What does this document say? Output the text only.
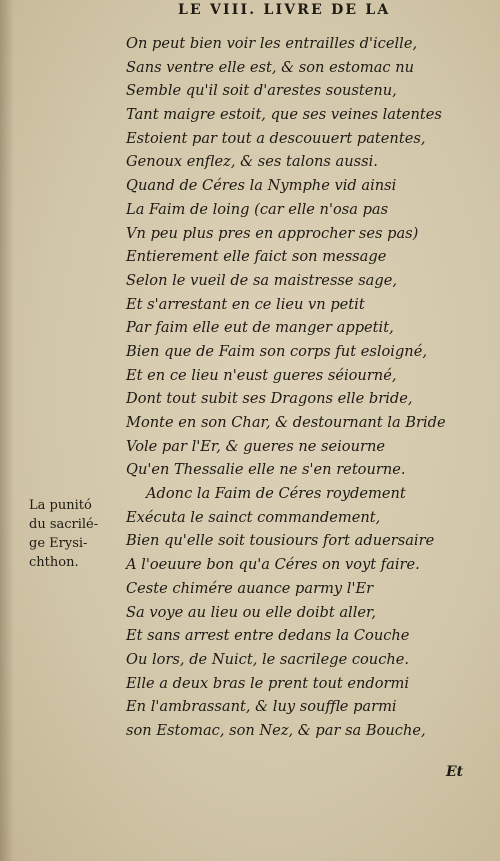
LE VIII. LIVRE DE LA
On peut bien voir les entrailles d'icelle,
Sans ventre elle est, & son estomac nu
Semble qu'il soit d'arestes soustenu,
Tant maigre estoit, que ses veines latentes
Estoient par tout a descouuert patentes,
Genoux enflez, & ses talons aussi.
Quand de Céres la Nymphe vid ainsi
La Faim de loing (car elle n'osa pas
Vn peu plus pres en approcher ses pas)
Entierement elle faict son message
Selon le vueil de sa maistresse sage,
Et s'arrestant en ce lieu vn petit
Par faim elle eut de manger appetit,
Bien que de Faim son corps fut esloigné,
Et en ce lieu n'eust gueres séiourné,
Dont tout subit ses Dragons elle bride,
Monte en son Char, & destournant la Bride
Vole par l'Er, & gueres ne seiourne
Qu'en Thessalie elle ne s'en retourne.
Adonc la Faim de Céres roydement
Exécuta le sainct commandement,
Bien qu'elle soit tousiours fort aduersaire
A l'oeuure bon qu'a Céres on voyt faire.
Ceste chimére auance parmy l'Er
Sa voye au lieu ou elle doibt aller,
Et sans arrest entre dedans la Couche
Ou lors, de Nuict, le sacrilege couche.
Elle a deux bras le prent tout endormi
En l'ambrassant, & luy souffle parmi
son Estomac, son Nez, & par sa Bouche,
La punitó
du sacrilé-
ge Erysi-
chthon.
Et
